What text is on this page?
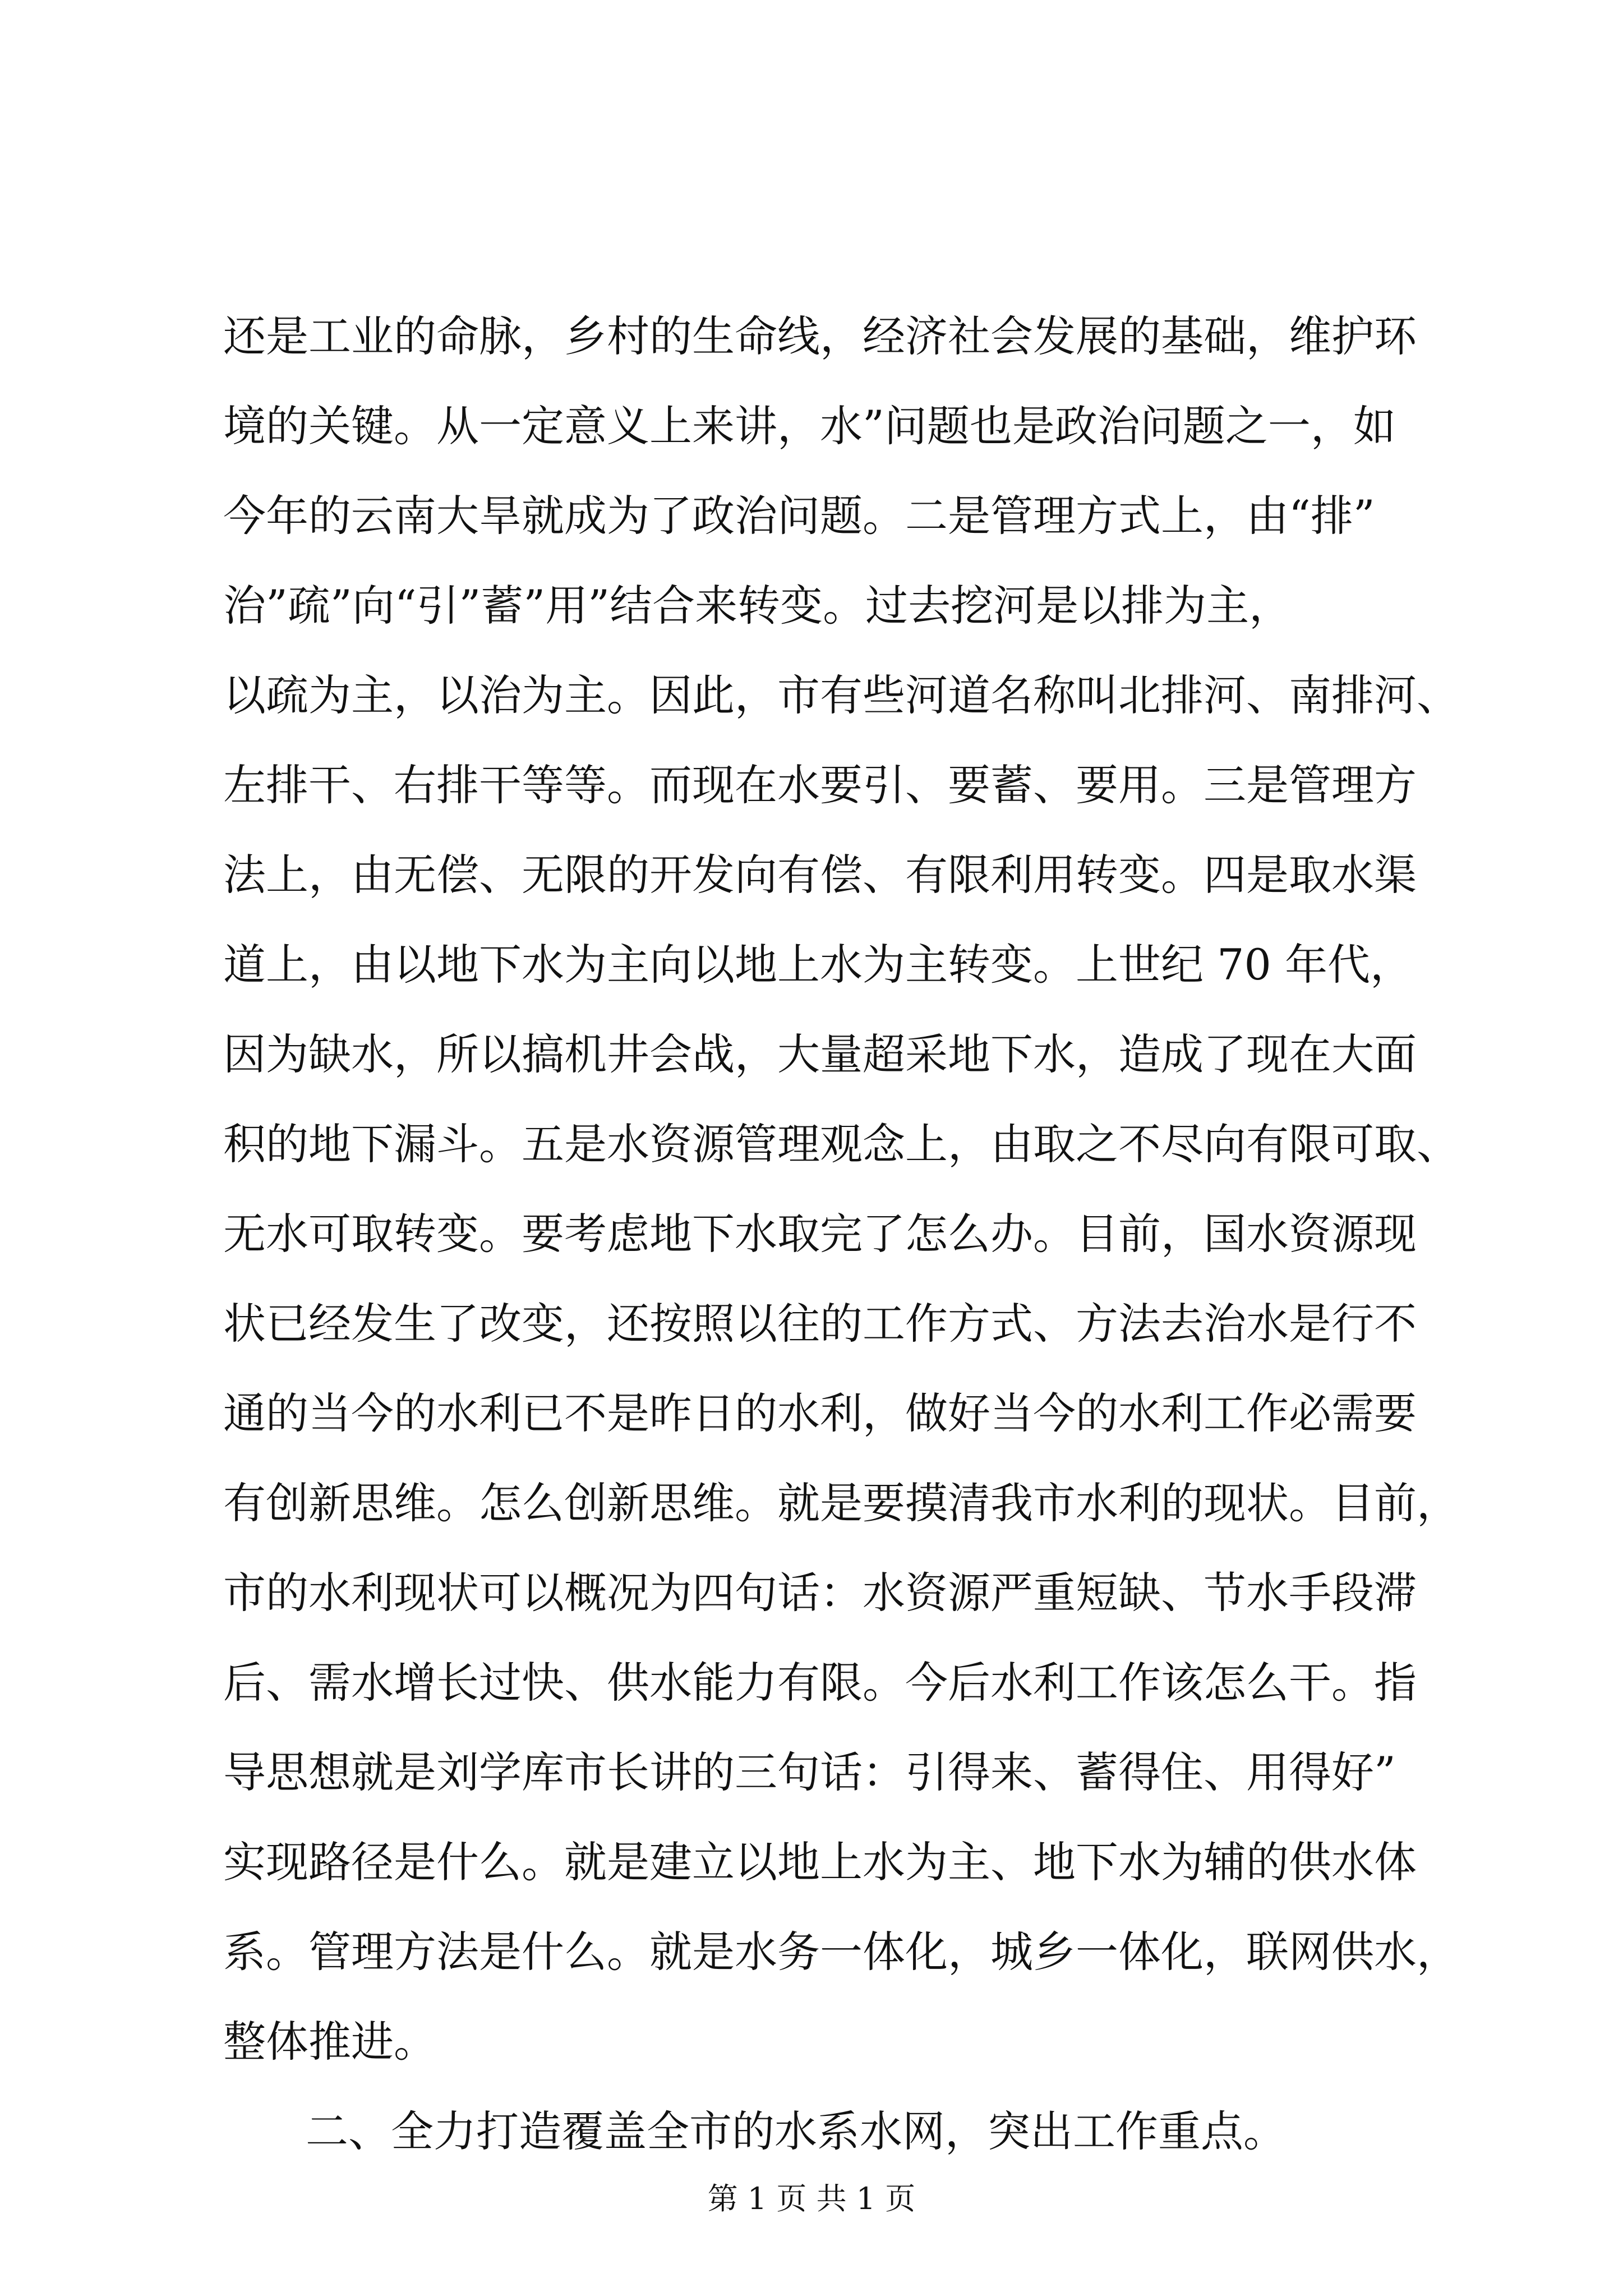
还是工业的命脉，乡村的生命线，经济社会发展的基础，维护环
境的关键。从一定意义上来讲，水”问题也是政治问题之一，如
今年的云南大旱就成为了政治问题。二是管理方式上，由“排”
治”疏”向“引”蓄”用”结合来转变。过去挖河是以排为主，
以疏为主，以治为主。因此，市有些河道名称叫北排河、南排河、
左排干、右排干等等。而现在水要引、要蓄、要用。三是管理方
法上，由无偿、无限的开发向有偿、有限利用转变。四是取水渠
道上，由以地下水为主向以地上水为主转变。上世纪 70 年代，
因为缺水，所以搞机井会战，大量超采地下水，造成了现在大面
积的地下漏斗。五是水资源管理观念上，由取之不尽向有限可取、
无水可取转变。要考虑地下水取完了怎么办。目前，国水资源现
状已经发生了改变，还按照以往的工作方式、方法去治水是行不
通的当今的水利已不是昨日的水利，做好当今的水利工作必需要
有创新思维。怎么创新思维。就是要摸清我市水利的现状。目前，
市的水利现状可以概况为四句话：水资源严重短缺、节水手段滞
后、需水增长过快、供水能力有限。今后水利工作该怎么干。指
导思想就是刘学库市长讲的三句话：引得来、蓄得住、用得好”
实现路径是什么。就是建立以地上水为主、地下水为辅的供水体
系。管理方法是什么。就是水务一体化，城乡一体化，联网供水，
整体推进。
二、全力打造覆盖全市的水系水网，突出工作重点。
第 1 页 共 1 页
